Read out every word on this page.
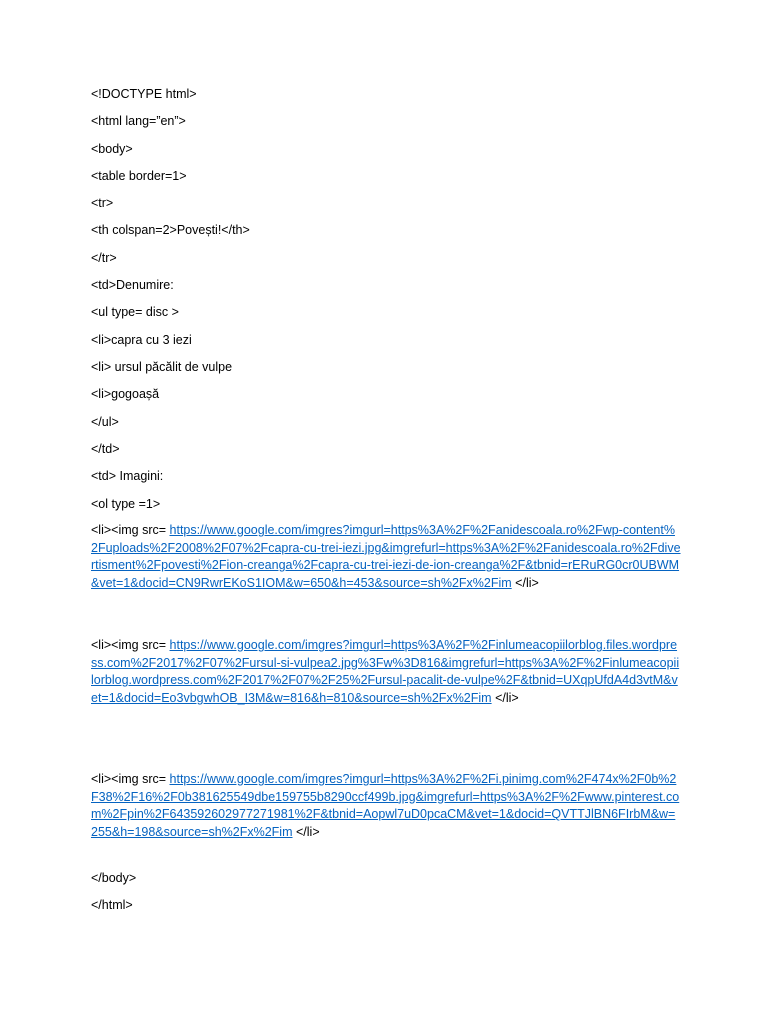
<!DOCTYPE html>
<html lang=”en”>
<body>
<table border=1>
<tr>
<th colspan=2>Povești!</th>
</tr>
<td>Denumire:
<ul type= disc >
<li>capra cu 3 iezi
<li> ursul păcălit de vulpe
<li>gogoașă
</ul>
</td>
<td> Imagini:
<ol type =1>
<li><img src= https://www.google.com/imgres?imgurl=https%3A%2F%2Fanidescoala.ro%2Fwp-content%2Fuploads%2F2008%2F07%2Fcapra-cu-trei-iezi.jpg&imgrefurl=https%3A%2F%2Fanidescoala.ro%2Fdivertisment%2Fpovesti%2Fion-creanga%2Fcapra-cu-trei-iezi-de-ion-creanga%2F&tbnid=rERuRG0cr0UBWM&vet=1&docid=CN9RwrEKoS1IOM&w=650&h=453&source=sh%2Fx%2Fim </li>
<li><img src= https://www.google.com/imgres?imgurl=https%3A%2F%2Finlumeacopiilorblog.files.wordpress.com%2F2017%2F07%2Fursul-si-vulpea2.jpg%3Fw%3D816&imgrefurl=https%3A%2F%2Finlumeacopiilorblog.wordpress.com%2F2017%2F07%2F25%2Fursul-pacalit-de-vulpe%2F&tbnid=UXqpUfdA4d3vtM&vet=1&docid=Eo3vbgwhOB_I3M&w=816&h=810&source=sh%2Fx%2Fim </li>
<li><img src= https://www.google.com/imgres?imgurl=https%3A%2F%2Fi.pinimg.com%2F474x%2F0b%2F38%2F16%2F0b381625549dbe159755b8290ccf499b.jpg&imgrefurl=https%3A%2F%2Fwww.pinterest.com%2Fpin%2F643592602977271981%2F&tbnid=Aopwl7uD0pcaCM&vet=1&docid=QVTTJlBN6FIrbM&w=255&h=198&source=sh%2Fx%2Fim </li>
</body>
</html>
